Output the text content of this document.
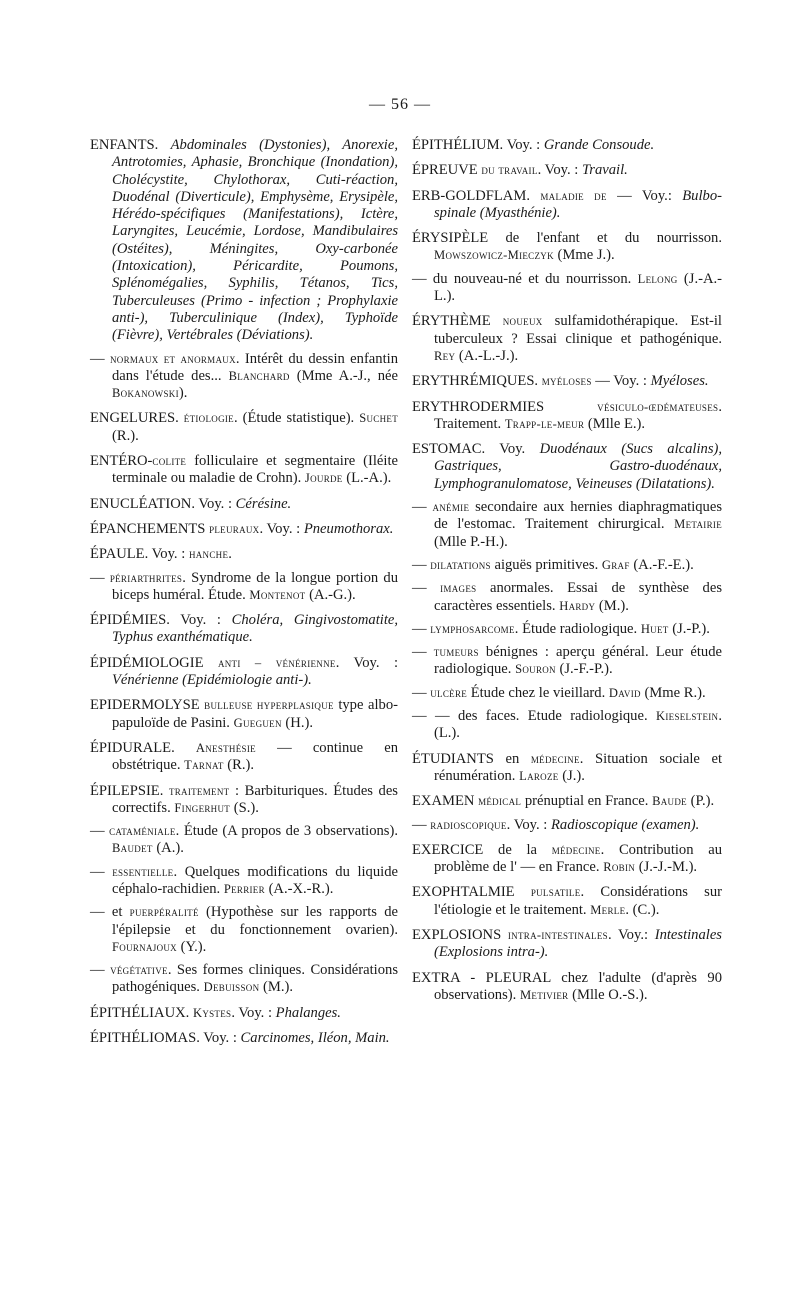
— 56 —

ENFANTS. Abdominales (Dystonies), Anorexie, Antrotomies, Aphasie, Bronchique (Inondation), Cholécystite, Chylothorax, Cuti-réaction, Duodénal (Diverticule), Emphysème, Erysipèle, Hérédo-spécifiques (Manifestations), Ictère, Laryngites, Leucémie, Lordose, Mandibulaires (Ostéites), Méningites, Oxy-carbonée (Intoxication), Péricardite, Poumons, Splénomégalies, Syphilis, Tétanos, Tics, Tuberculeuses (Primo - infection ; Prophylaxie anti-), Tuberculinique (Index), Typhoïde (Fièvre), Vertébrales (Déviations).

— normaux et anormaux. Intérêt du dessin enfantin dans l'étude des... Blanchard (Mme A.-J., née Bokanowski).

ENGELURES. étiologie. (Étude statistique). Suchet (R.).

ENTÉRO-colite folliculaire et segmentaire (Iléite terminale ou maladie de Crohn). Jourde (L.-A.).

ENUCLÉATION. Voy. : Cérésine.

ÉPANCHEMENTS pleuraux. Voy. : Pneumothorax.

ÉPAULE. Voy. : hanche.

— périarthrites. Syndrome de la longue portion du biceps huméral. Étude. Montenot (A.-G.).

ÉPIDÉMIES. Voy. : Choléra, Gingivostomatite, Typhus exanthématique.

ÉPIDÉMIOLOGIE anti – vénérienne. Voy. : Vénérienne (Epidémiologie anti-).

EPIDERMOLYSE bulleuse hyperplasique type albo-papuloïde de Pasini. Gueguen (H.).

ÉPIDURALE. Anesthésie — continue en obstétrique. Tarnat (R.).

ÉPILEPSIE. traitement : Barbituriques. Études des correctifs. Fingerhut (S.).

— cataméniale. Étude (A propos de 3 observations). Baudet (A.).

— essentielle. Quelques modifications du liquide céphalo-rachidien. Perrier (A.-X.-R.).

— et puerpéralité (Hypothèse sur les rapports de l'épilepsie et du fonctionnement ovarien). Fournajoux (Y.).

— végétative. Ses formes cliniques. Considérations pathogéniques. Debuisson (M.).

ÉPITHÉLIAUX. Kystes. Voy. : Phalanges.

ÉPITHÉLIOMAS. Voy. : Carcinomes, Iléon, Main.

ÉPITHÉLIUM. Voy. : Grande Consoude.

ÉPREUVE du travail. Voy. : Travail.

ERB-GOLDFLAM. maladie de — Voy.: Bulbo-spinale (Myasthénie).

ÉRYSIPÈLE de l'enfant et du nourrisson. Mowszowicz-Mieczyk (Mme J.).

— du nouveau-né et du nourrisson. Lelong (J.-A.-L.).

ÉRYTHÈME noueux sulfamidothérapique. Est-il tuberculeux ? Essai clinique et pathogénique. Rey (A.-L.-J.).

ERYTHRÉMIQUES. myéloses — Voy. : Myéloses.

ERYTHRODERMIES vésiculo-œdémateuses. Traitement. Trapp-le-meur (Mlle E.).

ESTOMAC. Voy. Duodénaux (Sucs alcalins), Gastriques, Gastro-duodénaux, Lymphogranulomatose, Veineuses (Dilatations).

— anémie secondaire aux hernies diaphragmatiques de l'estomac. Traitement chirurgical. Metairie (Mlle P.-H.).

— dilatations aiguës primitives. Graf (A.-F.-E.).

— images anormales. Essai de synthèse des caractères essentiels. Hardy (M.).

— lymphosarcome. Étude radiologique. Huet (J.-P.).

— tumeurs bénignes : aperçu général. Leur étude radiologique. Souron (J.-F.-P.).

— ulcère Étude chez le vieillard. David (Mme R.).

— — des faces. Etude radiologique. Kieselstein. (L.).

ÉTUDIANTS en médecine. Situation sociale et rénumération. Laroze (J.).

EXAMEN médical prénuptial en France. Baude (P.).

— radioscopique. Voy. : Radioscopique (examen).

EXERCICE de la médecine. Contribution au problème de l' — en France. Robin (J.-J.-M.).

EXOPHTALMIE pulsatile. Considérations sur l'étiologie et le traitement. Merle. (C.).

EXPLOSIONS intra-intestinales. Voy.: Intestinales (Explosions intra-).

EXTRA - PLEURAL chez l'adulte (d'après 90 observations). Metivier (Mlle O.-S.).
